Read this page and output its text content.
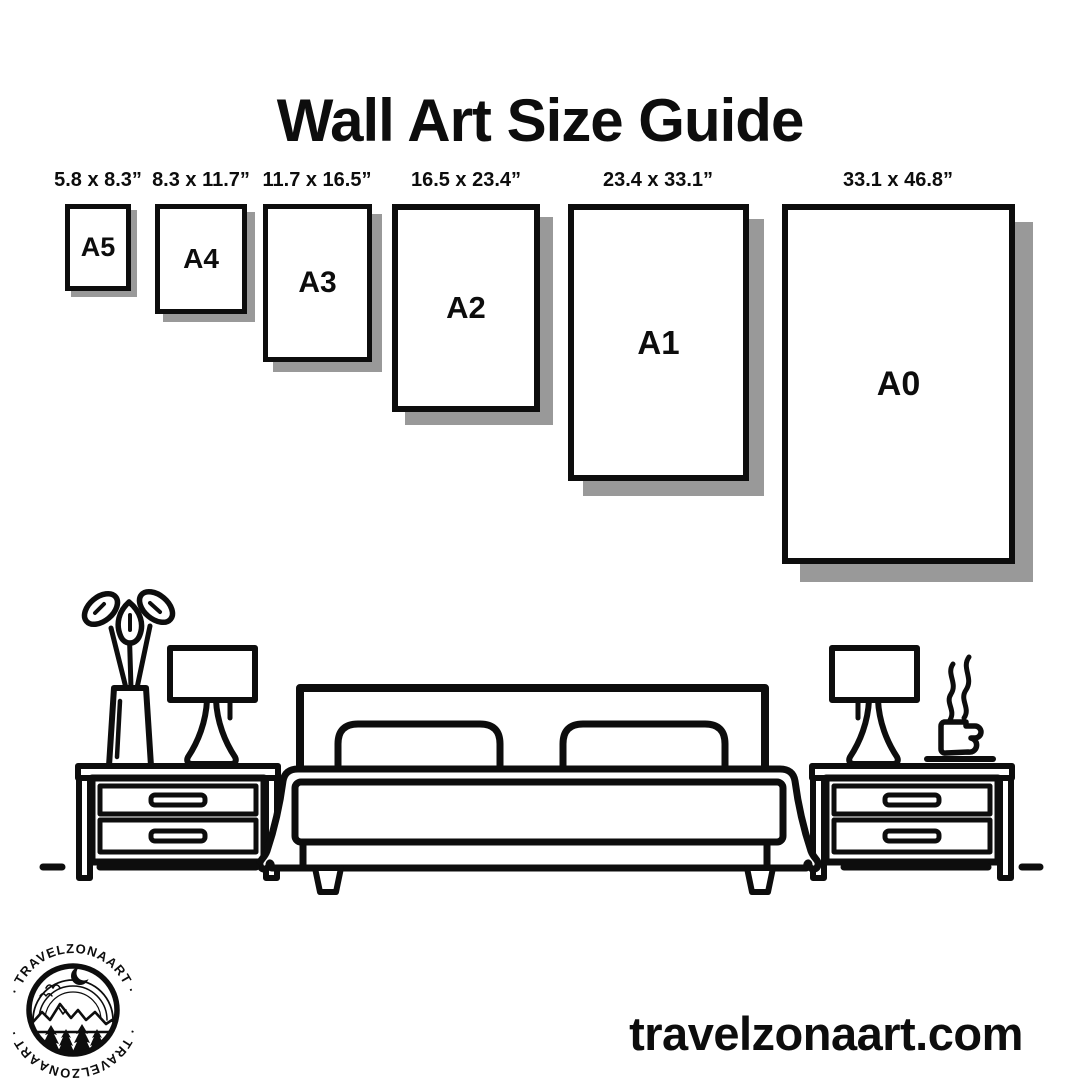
Wall Art Size Guide
5.8 x 8.3” 8.3 x 11.7” 11.7 x 16.5”	16.5 x 23.4”	23.4 x 33.1”	33.1 x 46.8”
A5 A4
A3
A2
A1
A0
· TRAVELZONAART ·
· TRAVELZONAART ·	travelzonaart.com
